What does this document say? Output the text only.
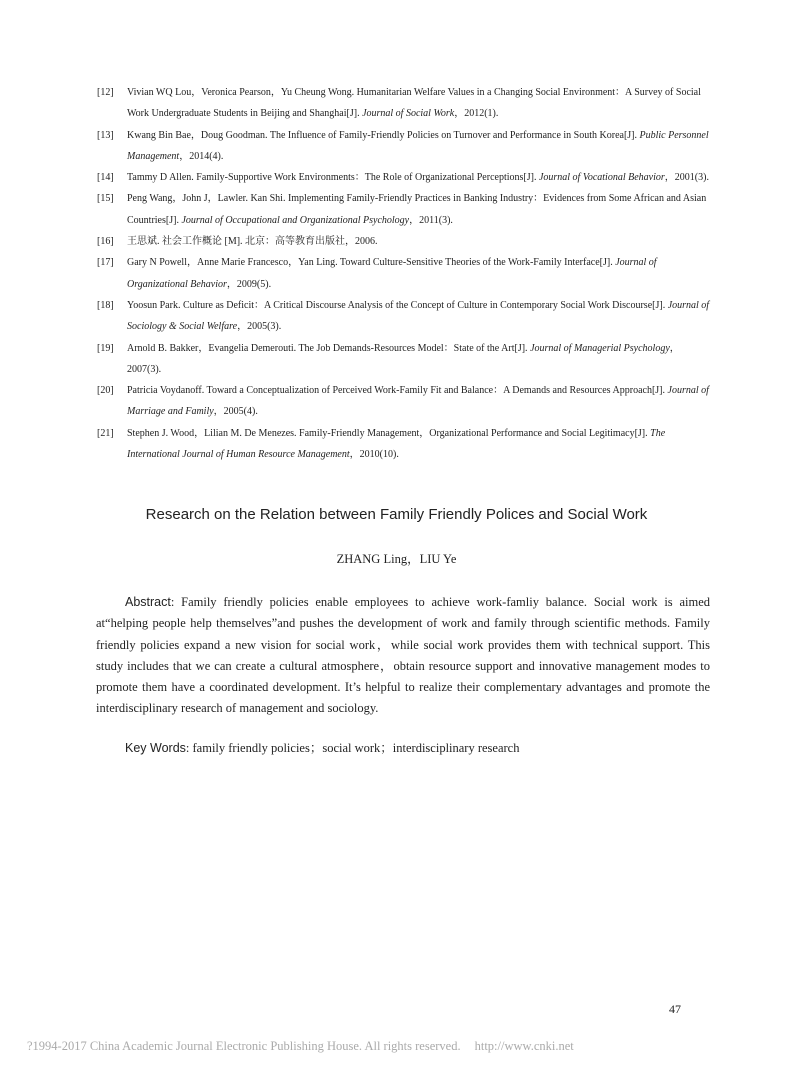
[12] Vivian WQ Lou，Veronica Pearson，Yu Cheung Wong. Humanitarian Welfare Values in a Changing Social Environment：A Survey of Social Work Undergraduate Students in Beijing and Shanghai[J]. Journal of Social Work，2012(1).
[13] Kwang Bin Bae，Doug Goodman. The Influence of Family-Friendly Policies on Turnover and Performance in South Korea[J]. Public Personnel Management，2014(4).
[14] Tammy D Allen. Family-Supportive Work Environments：The Role of Organizational Perceptions[J]. Journal of Vocational Behavior，2001(3).
[15] Peng Wang，John J，Lawler. Kan Shi. Implementing Family-Friendly Practices in Banking Industry：Evidences from Some African and Asian Countries[J]. Journal of Occupational and Organizational Psychology，2011(3).
[16] 王思斌. 社会工作概论 [M]. 北京：高等教育出版社，2006.
[17] Gary N Powell，Anne Marie Francesco，Yan Ling. Toward Culture-Sensitive Theories of the Work-Family Interface[J]. Journal of Organizational Behavior，2009(5).
[18] Yoosun Park. Culture as Deficit：A Critical Discourse Analysis of the Concept of Culture in Contemporary Social Work Discourse[J]. Journal of Sociology & Social Welfare，2005(3).
[19] Arnold B. Bakker，Evangelia Demerouti. The Job Demands-Resources Model：State of the Art[J]. Journal of Managerial Psychology，2007(3).
[20] Patricia Voydanoff. Toward a Conceptualization of Perceived Work-Family Fit and Balance：A Demands and Resources Approach[J]. Journal of Marriage and Family，2005(4).
[21] Stephen J. Wood，Lilian M. De Menezes. Family-Friendly Management，Organizational Performance and Social Legitimacy[J]. The International Journal of Human Resource Management，2010(10).
Research on the Relation between Family Friendly Polices and Social Work
ZHANG Ling，LIU Ye

Abstract: Family friendly policies enable employees to achieve work-famliy balance. Social work is aimed at“helping people help themselves”and pushes the development of work and family through scientific methods. Family friendly policies expand a new vision for social work，while social work provides them with technical support. This study includes that we can create a cultural atmosphere，obtain resource support and innovative management modes to promote them have a coordinated development. It’s helpful to realize their complementary advantages and promote the interdisciplinary research of management and sociology.

Key Words: family friendly policies；social work；interdisciplinary research
47
?1994-2017 China Academic Journal Electronic Publishing House. All rights reserved. http://www.cnki.net
